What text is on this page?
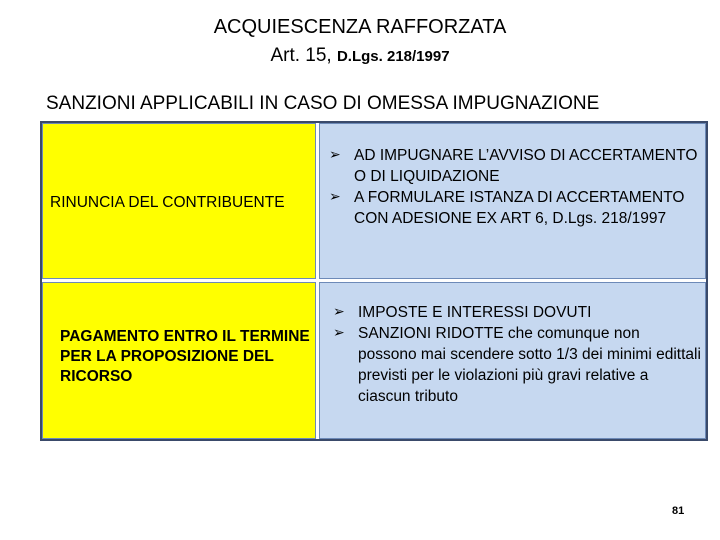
ACQUIESCENZA RAFFORZATA
Art. 15, D.Lgs. 218/1997
SANZIONI APPLICABILI IN CASO DI OMESSA IMPUGNAZIONE
RINUNCIA DEL CONTRIBUENTE
➢ AD IMPUGNARE L’AVVISO DI ACCERTAMENTO O DI LIQUIDAZIONE
➢ A FORMULARE ISTANZA DI ACCERTAMENTO CON ADESIONE EX ART 6, D.Lgs. 218/1997
PAGAMENTO ENTRO IL TERMINE PER LA PROPOSIZIONE DEL RICORSO
➢ IMPOSTE E INTERESSI DOVUTI
➢ SANZIONI RIDOTTE che comunque non possono mai scendere sotto 1/3 dei minimi edittali previsti per le violazioni più gravi relative a ciascun tributo
81
